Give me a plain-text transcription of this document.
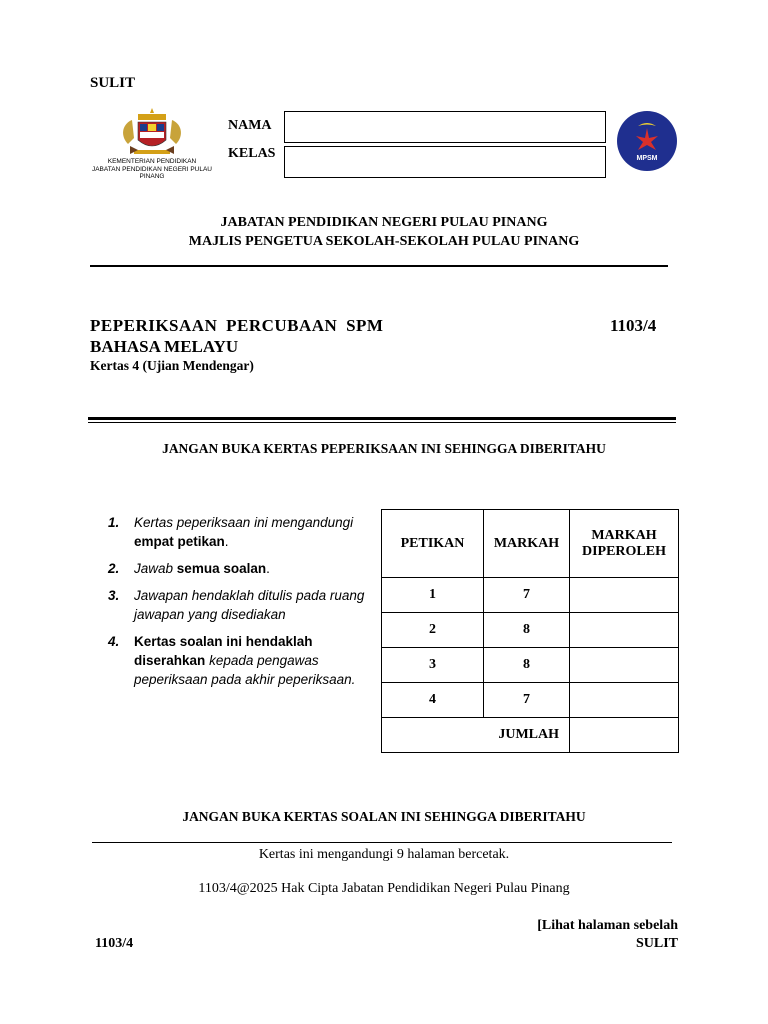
SULIT
KEMENTERIAN PENDIDIKAN
JABATAN PENDIDIKAN NEGERI PULAU PINANG
NAMA
KELAS	MPSM
JABATAN PENDIDIKAN NEGERI PULAU PINANG
MAJLIS PENGETUA SEKOLAH-SEKOLAH PULAU PINANG
PEPERIKSAAN PERCUBAAN SPM	1103/4
BAHASA MELAYU
Kertas 4 (Ujian Mendengar)
JANGAN BUKA KERTAS PEPERIKSAAN INI SEHINGGA DIBERITAHU
1. Kertas peperiksaan ini mengandungi empat petikan.
2. Jawab semua soalan.
3. Jawapan hendaklah ditulis pada ruang jawapan yang disediakan
4. Kertas soalan ini hendaklah diserahkan kepada pengawas peperiksaan pada akhir peperiksaan.
PETIKAN	MARKAH	MARKAH DIPEROLEH
1	7	
2	8	
3	8	
4	7	
JUMLAH		
JANGAN BUKA KERTAS SOALAN INI SEHINGGA DIBERITAHU
Kertas ini mengandungi 9 halaman bercetak.
1103/4@2025 Hak Cipta Jabatan Pendidikan Negeri Pulau Pinang
[Lihat halaman sebelah
SULIT
1103/4
